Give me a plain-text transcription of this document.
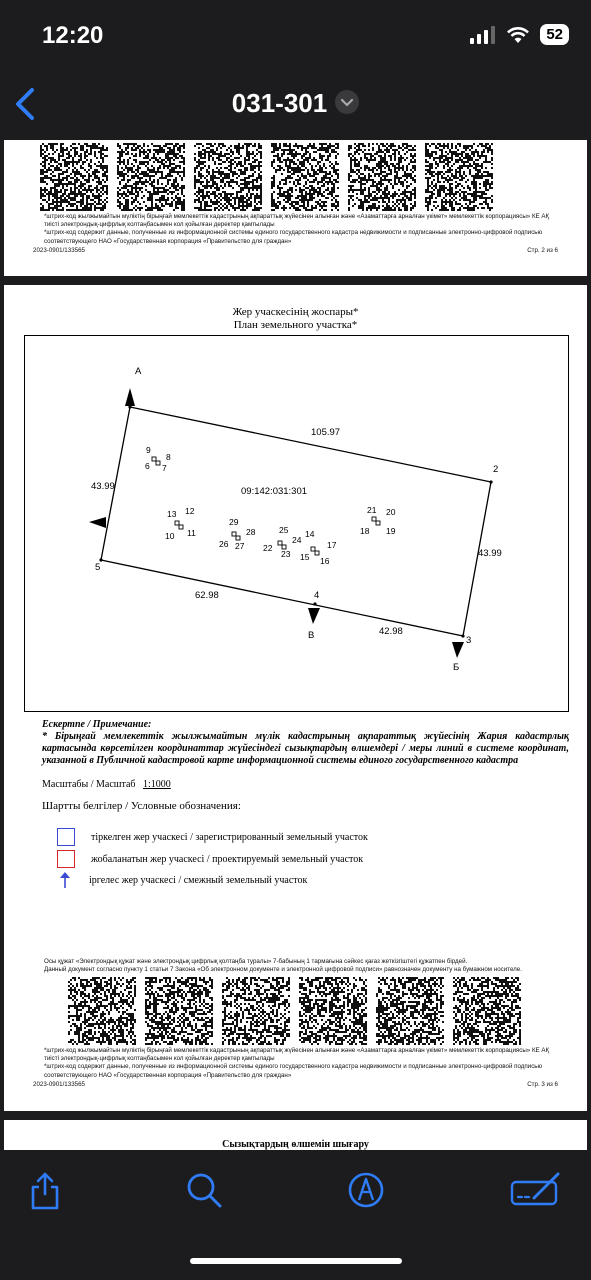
12:20	52
031-301
*штрих-код жылжымайтын мүліктің бірыңғай мемлекеттік кадастрының ақпараттық жүйесінен алынған және «Азаматтарға арналған үкімет» мемлекеттік корпорациясы» КЕ АҚ
тиісті электрондық-цифрлық колтаңбасымен кол қойылған деректер қамтылады
*штрих-код содержит данные, полученные из информационной системы единого государственного кадастра недвижимости и подписанные электронно-цифровой подписью
соответствующего НАО «Государственная корпорация «Правительство для граждан»
2023-0901/133565	Стр. 2 из 6
Жер учаскесінің жоспары*
План земельного участка*
2
3
4
5
А
Б
В
105.97
43.99
42.98
62.98
43.99
09:142:031:301
9
8
6 7
13 12
10 11
29
28
26 27
25
24
22
23
14
17
15 16
21 20
18 19
Ескертпе / Примечание:
* Бірыңғай мемлекеттік жылжымайтын мүлік кадастрының ақпараттық жүйесінің Жария кадастрлық картасында көрсетілген координаттар жүйесіндегі сызықтардың өлшемдері / меры линий в системе координат, указанной в Публичной кадастровой карте информационной системы единого государственного кадастра
Масштабы / Масштаб 1:1000
Шартты белгілер / Условные обозначения:
тіркелген жер учаскесі / зарегистрированный земельный участок
жобаланатын жер учаскесі / проектируемый земельный участок
іргелес жер учаскесі / смежный земельный участок
Осы құжат «Электрондық құжат және электрондық цифрлық қолтаңба туралы» 7-бабының 1 тармағына сәйкес қағаз жеткізгіштегі құжатпен бірдей.
Данный документ согласно пункту 1 статьи 7 Закона «Об электронном документе и электронной цифровой подписи» равнозначен документу на бумажном носителе.
*штрих-код жылжымайтын мүліктің бірыңғай мемлекеттік кадастрының ақпараттық жүйесінен алынған және «Азаматтарға арналған үкімет» мемлекеттік корпорациясы» КЕ АҚ
тиісті электрондық-цифрлық колтаңбасымен кол қойылған деректер қамтылады
*штрих-код содержит данные, полученные из информационной системы единого государственного кадастра недвижимости и подписанные электронно-цифровой подписью
соответствующего НАО «Государственная корпорация «Правительство для граждан»
2023-0901/133565	Стр. 3 из 6
Сызықтардың өлшемін шығару
